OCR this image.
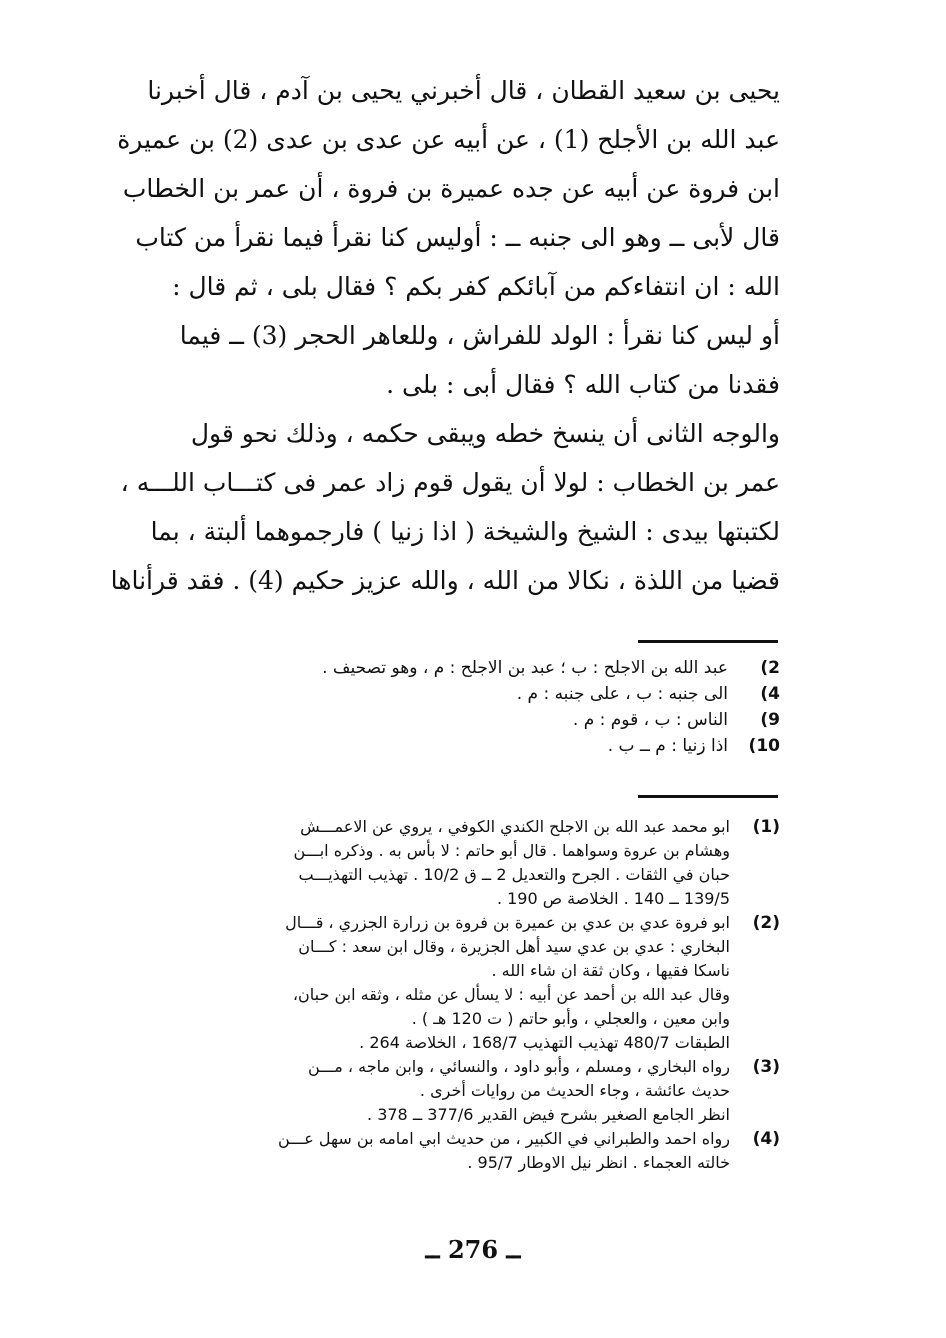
يحيى بن سعيد القطان ، قال أخبرني يحيى بن آدم ، قال أخبرنا
عبد الله بن الأجلح (1) ، عن أبيه عن عدى بن عدى (2) بن عميرة
ابن فروة عن أبيه عن جده عميرة بن فروة ، أن عمر بن الخطاب
قال لأبى ــ وهو الى جنبه ــ : أوليس كنا نقرأ فيما نقرأ من كتاب
الله : ان انتفاءكم من آبائكم كفر بكم ؟ فقال بلى ، ثم قال :
أو ليس كنا نقرأ : الولد للفراش ، وللعاهر الحجر (3) ــ فيما
فقدنا من كتاب الله ؟ فقال أبى : بلى .
والوجه الثانى أن ينسخ خطه ويبقى حكمه ، وذلك نحو قول
عمر بن الخطاب : لولا أن يقول قوم زاد عمر فى كتـــاب اللـــه ،
لكتبتها بيدى : الشيخ والشيخة ( اذا زنيا ) فارجموهما ألبتة ، بما
قضيا من اللذة ، نكالا من الله ، والله عزيز حكيم (4) . فقد قرأناها
2)
عبد الله بن الاجلح : ب ؛ عبد بن الاجلح : م ، وهو تصحيف .
4)
الى جنبه : ب ، على جنبه : م .
9)
الناس : ب ، قوم : م .
10)
اذا زنيا : م ــ ب .
(1)
ابو محمد عبد الله بن الاجلح الكندي الكوفي ، يروي عن الاعمـــش
وهشام بن عروة وسواهما . قال أبو حاتم : لا بأس به . وذكره ابـــن
حبان في الثقات . الجرح والتعديل 2 ــ ق 10/2 . تهذيب التهذيـــب
139/5 ــ 140 . الخلاصة ص 190 .
(2)
ابو فروة عدي بن عدي بن عميرة بن فروة بن زرارة الجزري ، قـــال
البخاري : عدي بن عدي سيد أهل الجزيرة ، وقال ابن سعد : كـــان
ناسكا فقيها ، وكان ثقة ان شاء الله .
وقال عبد الله بن أحمد عن أبيه : لا يسأل عن مثله ، وثقه ابن حبان،
وابن معين ، والعجلي ، وأبو حاتم ( ت 120 هـ ) .
الطبقات 480/7 تهذيب التهذيب 168/7 ، الخلاصة 264 .
(3)
رواه البخاري ، ومسلم ، وأبو داود ، والنسائي ، وابن ماجه ، مـــن
حديث عائشة ، وجاء الحديث من روايات أخرى .
انظر الجامع الصغير بشرح فيض القدير 377/6 ــ 378 .
(4)
رواه احمد والطبراني في الكبير ، من حديث ابي امامه بن سهل عـــن
خالته العجماء . انظر نيل الاوطار 95/7 .
ــ 276 ــ
